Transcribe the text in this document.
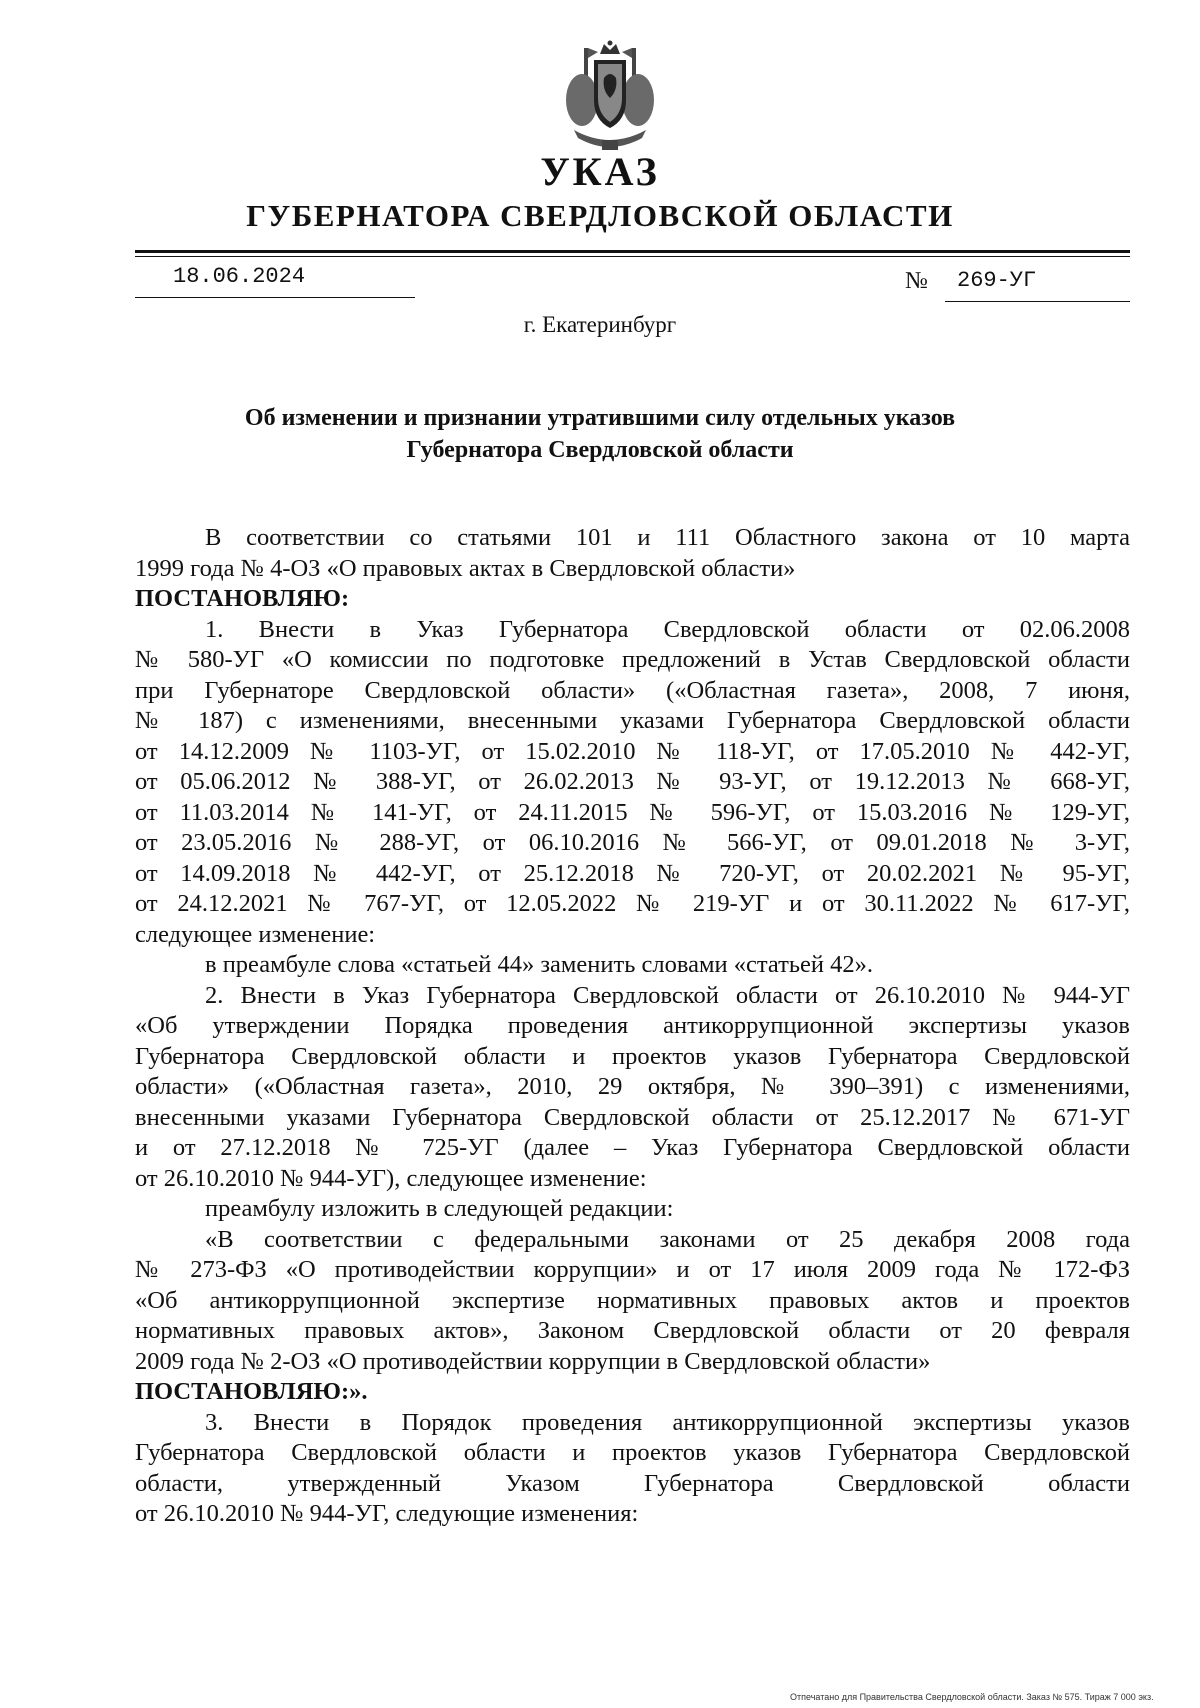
УКАЗ
ГУБЕРНАТОРА СВЕРДЛОВСКОЙ ОБЛАСТИ
18.06.2024	№	269-УГ
г. Екатеринбург
Об изменении и признании утратившими силу отдельных указов
Губернатора Свердловской области

В соответствии со статьями 101 и 111 Областного закона от 10 марта

1999 года № 4-ОЗ «О правовых актах в Свердловской области»

ПОСТАНОВЛЯЮ:

1. Внести в Указ Губернатора Свердловской области от 02.06.2008

№ 580-УГ «О комиссии по подготовке предложений в Устав Свердловской области

при Губернаторе Свердловской области» («Областная газета», 2008, 7 июня,

№ 187) с изменениями, внесенными указами Губернатора Свердловской области

от 14.12.2009 № 1103-УГ, от 15.02.2010 № 118-УГ, от 17.05.2010 № 442-УГ,

от 05.06.2012 № 388-УГ, от 26.02.2013 № 93-УГ, от 19.12.2013 № 668-УГ,

от 11.03.2014 № 141-УГ, от 24.11.2015 № 596-УГ, от 15.03.2016 № 129-УГ,

от 23.05.2016 № 288-УГ, от 06.10.2016 № 566-УГ, от 09.01.2018 № 3-УГ,

от 14.09.2018 № 442-УГ, от 25.12.2018 № 720-УГ, от 20.02.2021 № 95-УГ,

от 24.12.2021 № 767-УГ, от 12.05.2022 № 219-УГ и от 30.11.2022 № 617-УГ,

следующее изменение:

в преамбуле слова «статьей 44» заменить словами «статьей 42».

2. Внести в Указ Губернатора Свердловской области от 26.10.2010 № 944-УГ

«Об утверждении Порядка проведения антикоррупционной экспертизы указов

Губернатора Свердловской области и проектов указов Губернатора Свердловской

области» («Областная газета», 2010, 29 октября, № 390–391) с изменениями,

внесенными указами Губернатора Свердловской области от 25.12.2017 № 671-УГ

и от 27.12.2018 № 725-УГ (далее – Указ Губернатора Свердловской области

от 26.10.2010 № 944-УГ), следующее изменение:

преамбулу изложить в следующей редакции:

«В соответствии с федеральными законами от 25 декабря 2008 года

№ 273-ФЗ «О противодействии коррупции» и от 17 июля 2009 года № 172-ФЗ

«Об антикоррупционной экспертизе нормативных правовых актов и проектов

нормативных правовых актов», Законом Свердловской области от 20 февраля

2009 года № 2-ОЗ «О противодействии коррупции в Свердловской области»

ПОСТАНОВЛЯЮ:».

3. Внести в Порядок проведения антикоррупционной экспертизы указов

Губернатора Свердловской области и проектов указов Губернатора Свердловской

области, утвержденный Указом Губернатора Свердловской области

от 26.10.2010 № 944-УГ, следующие изменения:

Отпечатано для Правительства Свердловской области. Заказ № 575. Тираж 7 000 экз.
